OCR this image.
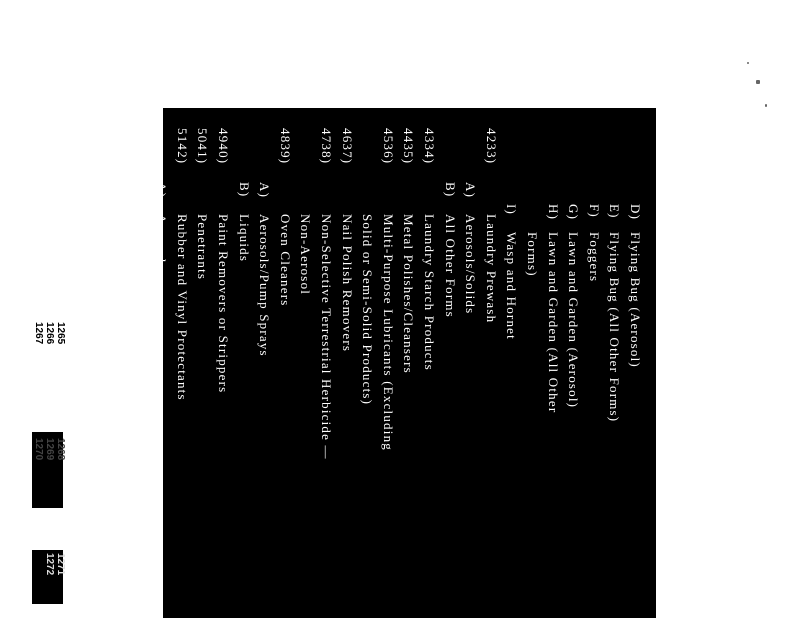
1265
1266
1267
1268
1269
1270
1271
1272
D)
Flying Bug (Aerosol)
E)
Flying Bug (All Other Forms)
F)
Foggers
G)
Lawn and Garden (Aerosol)
H)
Lawn and Garden (All Other
Forms)
I)
Wasp and Hornet
4233)
Laundry Prewash
A)
Aerosols/Solids
B)
All Other Forms
4334)
Laundry Starch Products
4435)
Metal Polishes/Cleansers
4536)
Multi-Purpose Lubricants (Excluding
Solid or Semi-Solid Products)
4637)
Nail Polish Removers
4738)
Non-Selective Terrestrial Herbicide —
Non-Aerosol
4839)
Oven Cleaners
A)
Aerosols/Pump Sprays
B)
Liquids
4940)
Paint Removers or Strippers
5041)
Penetrants
5142)
Rubber and Vinyl Protectants
A)
Aerosol
B)
Non-Aerosol
